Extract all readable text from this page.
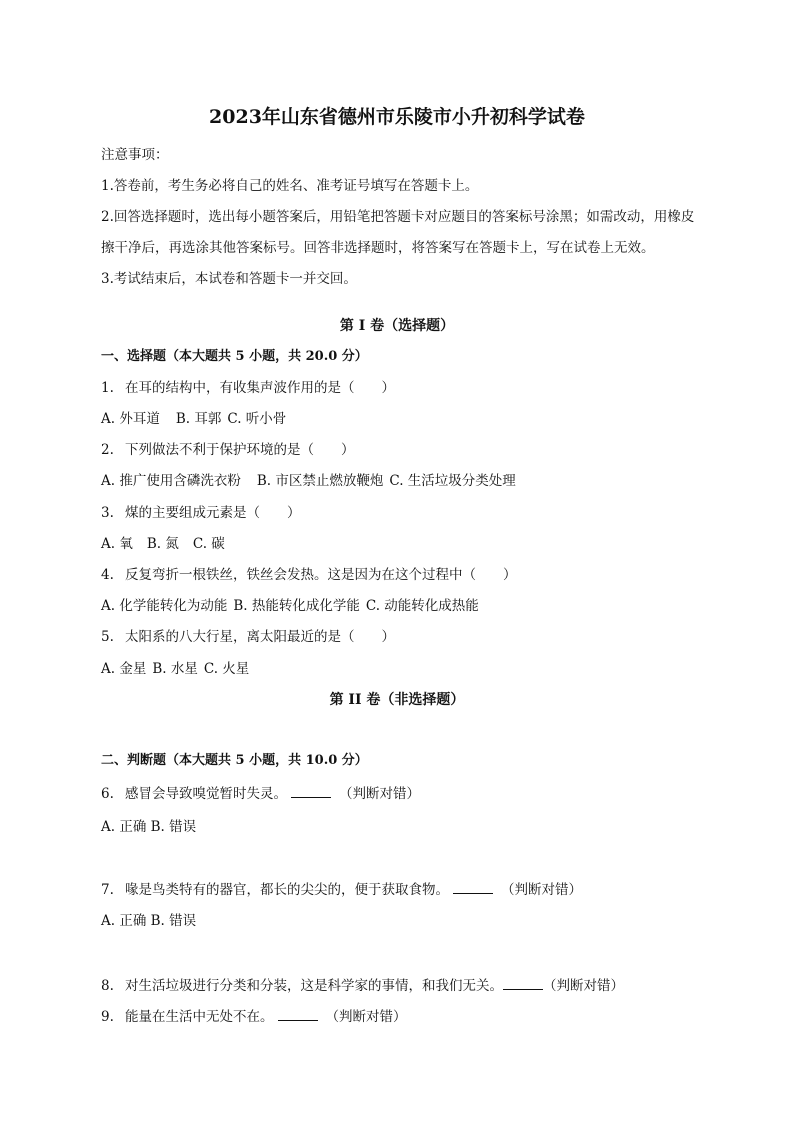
2023年山东省德州市乐陵市小升初科学试卷
注意事项：
1.答卷前，考生务必将自己的姓名、准考证号填写在答题卡上。
2.回答选择题时，选出每小题答案后，用铅笔把答题卡对应题目的答案标号涂黑；如需改动，用橡皮
擦干净后，再选涂其他答案标号。回答非选择题时，将答案写在答题卡上，写在试卷上无效。
3.考试结束后，本试卷和答题卡一并交回。
第 I 卷（选择题）
一、选择题（本大题共 5 小题，共 20.0 分）
1. 在耳的结构中，有收集声波作用的是（　　）
A. 外耳道 B. 耳郭 C. 听小骨
2. 下列做法不利于保护环境的是（　　）
A. 推广使用含磷洗衣粉 B. 市区禁止燃放鞭炮 C. 生活垃圾分类处理
3. 煤的主要组成元素是（　　）
A. 氧 B. 氮 C. 碳
4. 反复弯折一根铁丝，铁丝会发热。这是因为在这个过程中（　　）
A. 化学能转化为动能 B. 热能转化成化学能 C. 动能转化成热能
5. 太阳系的八大行星，离太阳最近的是（　　）
A. 金星 B. 水星 C. 火星
第 II 卷（非选择题）
二、判断题（本大题共 5 小题，共 10.0 分）
6. 感冒会导致嗅觉暂时失灵。	（判断对错）
A. 正确 B. 错误
7. 喙是鸟类特有的器官，都长的尖尖的，便于获取食物。	（判断对错）
A. 正确 B. 错误
8. 对生活垃圾进行分类和分装，这是科学家的事情，和我们无关。	（判断对错）
9. 能量在生活中无处不在。	（判断对错）
